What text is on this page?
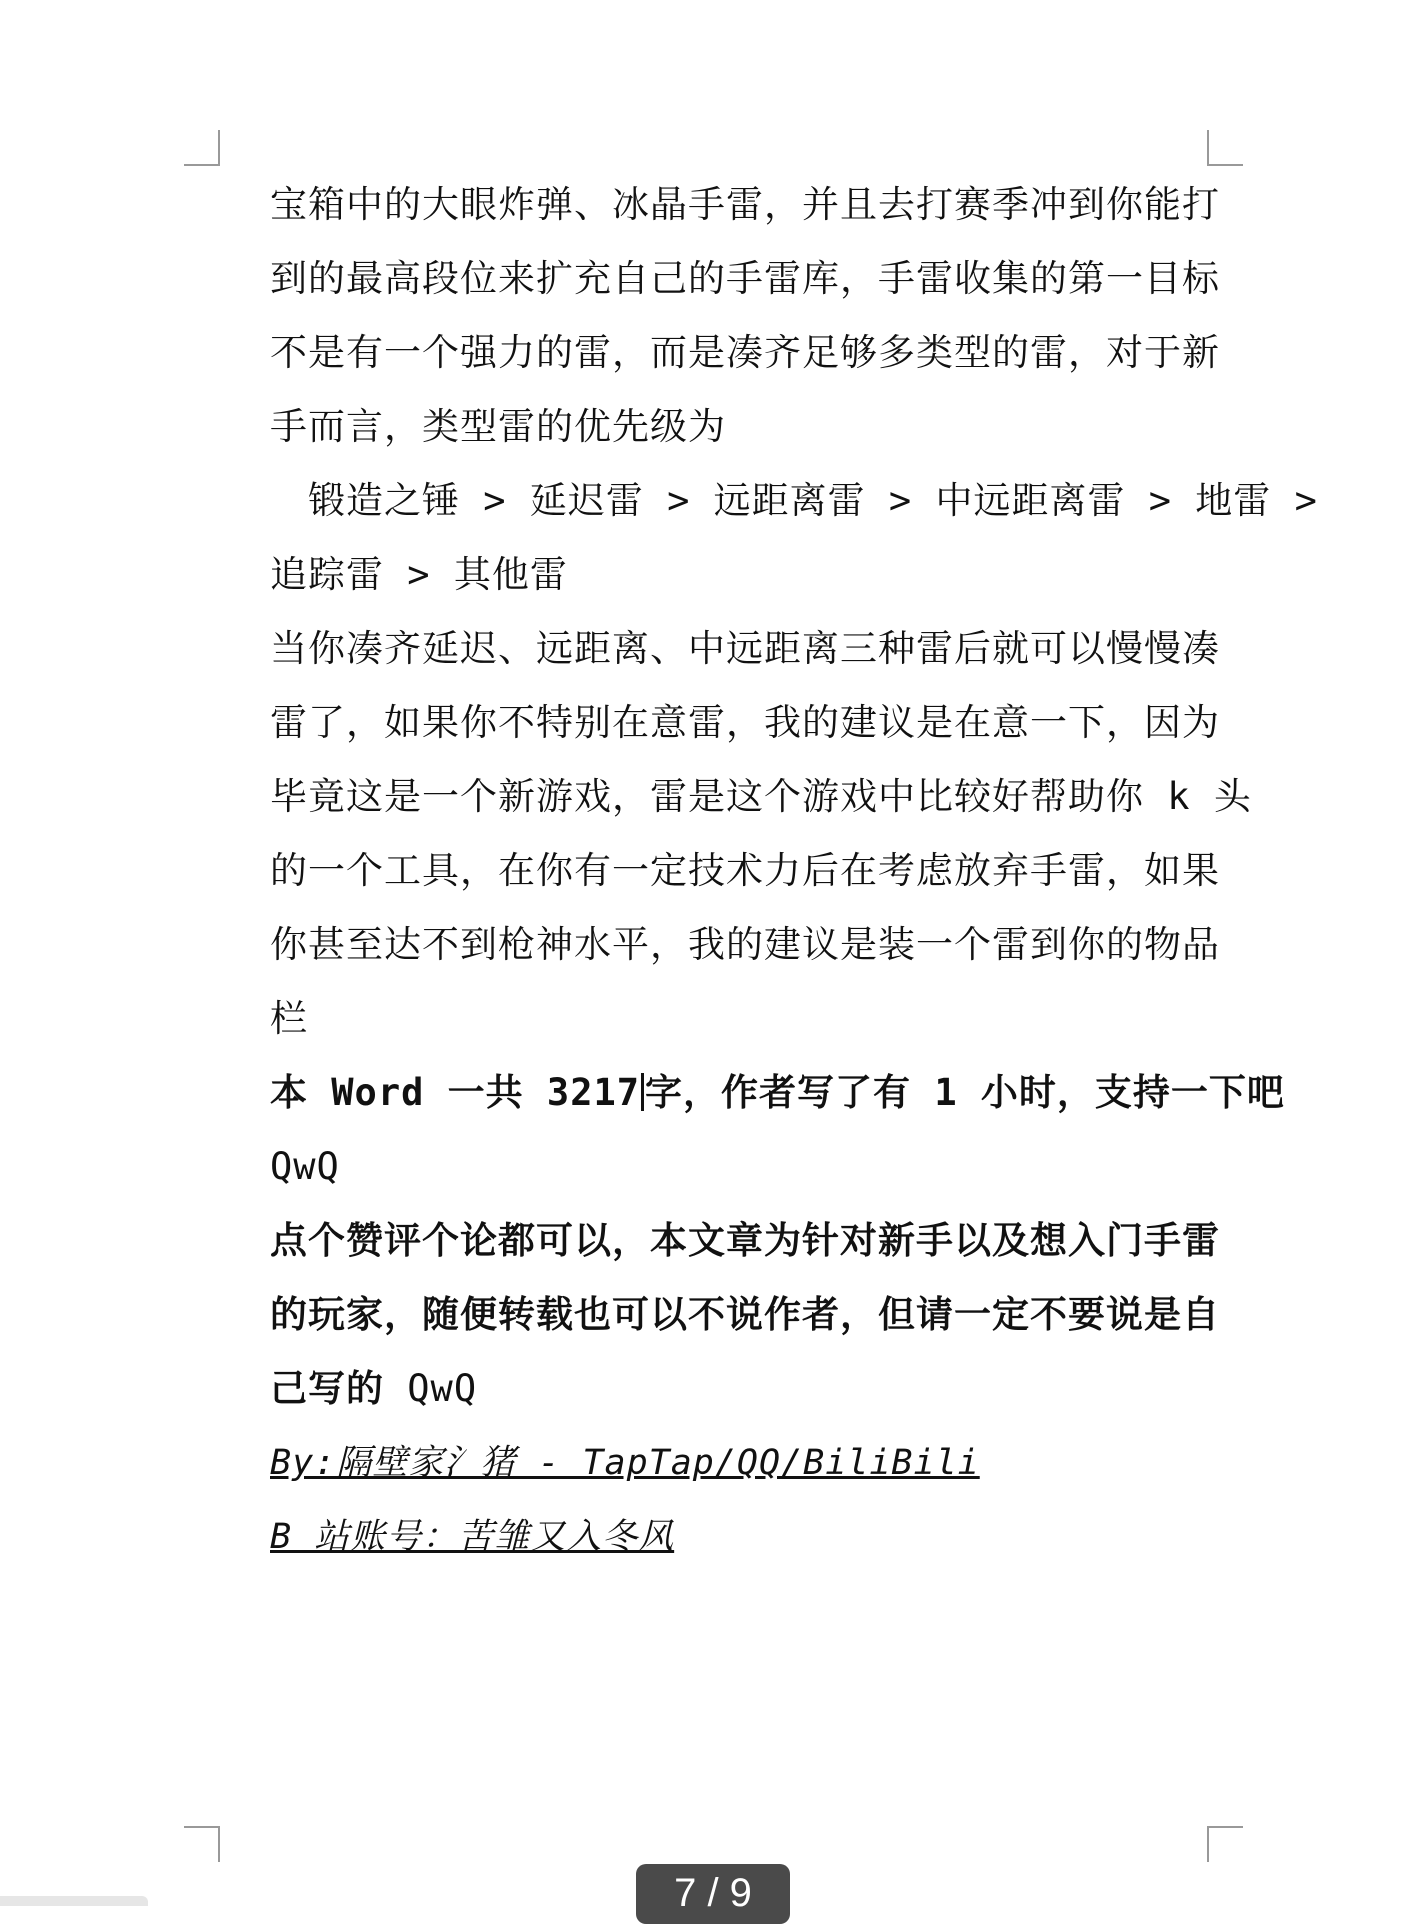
宝箱中的大眼炸弹、冰晶手雷，并且去打赛季冲到你能打
到的最高段位来扩充自己的手雷库，手雷收集的第一目标
不是有一个强力的雷，而是凑齐足够多类型的雷，对于新
手而言，类型雷的优先级为
锻造之锤 > 延迟雷 > 远距离雷 > 中远距离雷 > 地雷 >
追踪雷 > 其他雷
当你凑齐延迟、远距离、中远距离三种雷后就可以慢慢凑
雷了，如果你不特别在意雷，我的建议是在意一下，因为
毕竟这是一个新游戏，雷是这个游戏中比较好帮助你 k 头
的一个工具，在你有一定技术力后在考虑放弃手雷，如果
你甚至达不到枪神水平，我的建议是装一个雷到你的物品
栏
本 Word 一共 3217 字，作者写了有 1 小时，支持一下吧
QwQ
点个赞评个论都可以，本文章为针对新手以及想入门手雷
的玩家，随便转载也可以不说作者，但请一定不要说是自
己写的 QwQ
By:隔壁家氵猪 - TapTap/QQ/BiliBili
B 站账号：苦雏又入冬风
7 / 9
